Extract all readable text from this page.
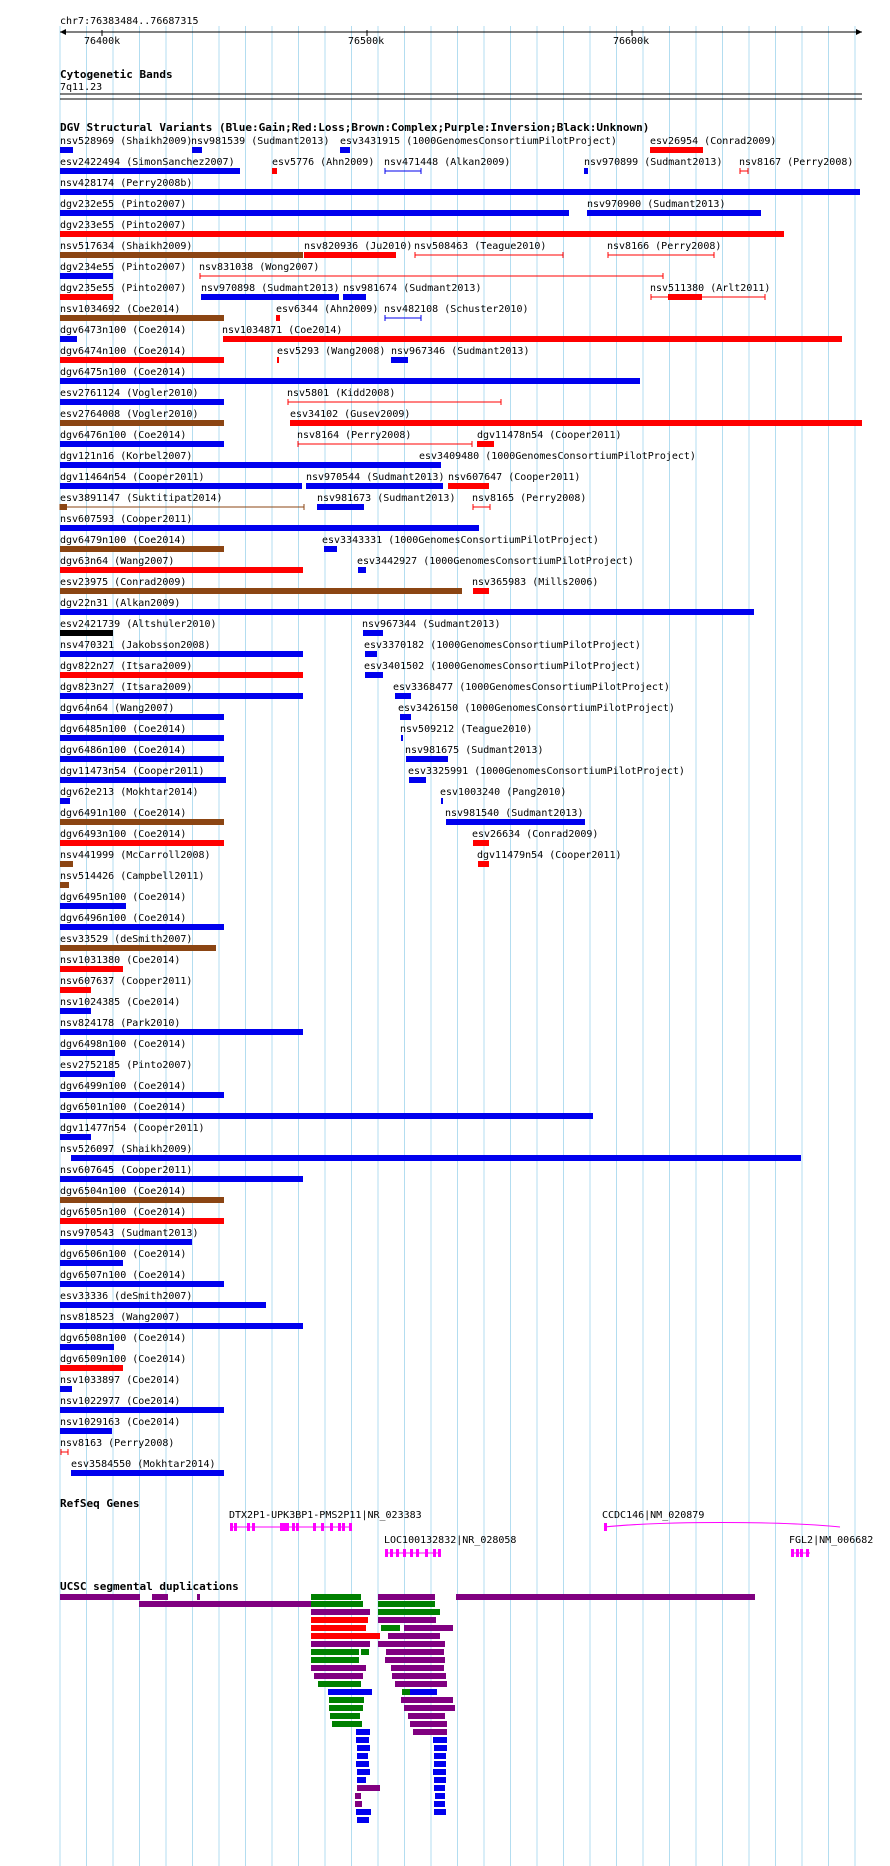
chr7:76383484..76687315
76400k	76500k	76600k
Cytogenetic Bands
7q11.23
DGV Structural Variants (Blue:Gain;Red:Loss;Brown:Complex;Purple:Inversion;Black:Unknown)
nsv528969 (Shaikh2009)
nsv981539 (Sudmant2013) esv3431915 (1000GenomesConsortiumPilotProject)	esv26954 (Conrad2009)
esv2422494 (SimonSanchez2007)	esv5776 (Ahn2009) nsv471448 (Alkan2009)	nsv970899 (Sudmant2013) nsv8167 (Perry2008)
nsv428174 (Perry2008b)
dgv232e55 (Pinto2007)	nsv970900 (Sudmant2013)
dgv233e55 (Pinto2007)
nsv517634 (Shaikh2009)	nsv820936 (Ju2010) nsv508463 (Teague2010)	nsv8166 (Perry2008)
dgv234e55 (Pinto2007) nsv831038 (Wong2007)
dgv235e55 (Pinto2007) nsv970898 (Sudmant2013) nsv981674 (Sudmant2013)	nsv511380 (Arlt2011)
nsv1034692 (Coe2014)	esv6344 (Ahn2009) nsv482108 (Schuster2010)
dgv6473n100 (Coe2014)	nsv1034871 (Coe2014)
dgv6474n100 (Coe2014)	esv5293 (Wang2008) nsv967346 (Sudmant2013)
dgv6475n100 (Coe2014)
esv2761124 (Vogler2010)	nsv5801 (Kidd2008)
esv2764008 (Vogler2010)	esv34102 (Gusev2009)
dgv6476n100 (Coe2014)	nsv8164 (Perry2008)	dgv11478n54 (Cooper2011)
dgv121n16 (Korbel2007)	esv3409480 (1000GenomesConsortiumPilotProject)
dgv11464n54 (Cooper2011)	nsv970544 (Sudmant2013) nsv607647 (Cooper2011)
esv3891147 (Suktitipat2014)	nsv981673 (Sudmant2013) nsv8165 (Perry2008)
nsv607593 (Cooper2011)
dgv6479n100 (Coe2014)	esv3343331 (1000GenomesConsortiumPilotProject)
dgv63n64 (Wang2007)	esv3442927 (1000GenomesConsortiumPilotProject)
esv23975 (Conrad2009)	nsv365983 (Mills2006)
dgv22n31 (Alkan2009)
esv2421739 (Altshuler2010)	nsv967344 (Sudmant2013)
nsv470321 (Jakobsson2008)	esv3370182 (1000GenomesConsortiumPilotProject)
dgv822n27 (Itsara2009)	esv3401502 (1000GenomesConsortiumPilotProject)
dgv823n27 (Itsara2009)	esv3368477 (1000GenomesConsortiumPilotProject)
dgv64n64 (Wang2007)	esv3426150 (1000GenomesConsortiumPilotProject)
dgv6485n100 (Coe2014)	nsv509212 (Teague2010)
dgv6486n100 (Coe2014)	nsv981675 (Sudmant2013)
dgv11473n54 (Cooper2011)	esv3325991 (1000GenomesConsortiumPilotProject)
dgv62e213 (Mokhtar2014)	esv1003240 (Pang2010)
dgv6491n100 (Coe2014)	nsv981540 (Sudmant2013)
dgv6493n100 (Coe2014)	esv26634 (Conrad2009)
nsv441999 (McCarroll2008)	dgv11479n54 (Cooper2011)
nsv514426 (Campbell2011)
dgv6495n100 (Coe2014)
dgv6496n100 (Coe2014)
esv33529 (deSmith2007)
nsv1031380 (Coe2014)
nsv607637 (Cooper2011)
nsv1024385 (Coe2014)
nsv824178 (Park2010)
dgv6498n100 (Coe2014)
esv2752185 (Pinto2007)
dgv6499n100 (Coe2014)
dgv6501n100 (Coe2014)
dgv11477n54 (Cooper2011)
nsv526097 (Shaikh2009)
nsv607645 (Cooper2011)
dgv6504n100 (Coe2014)
dgv6505n100 (Coe2014)
nsv970543 (Sudmant2013)
dgv6506n100 (Coe2014)
dgv6507n100 (Coe2014)
esv33336 (deSmith2007)
nsv818523 (Wang2007)
dgv6508n100 (Coe2014)
dgv6509n100 (Coe2014)
nsv1033897 (Coe2014)
nsv1022977 (Coe2014)
nsv1029163 (Coe2014)
nsv8163 (Perry2008)
esv3584550 (Mokhtar2014)
RefSeq Genes
DTX2P1-UPK3BP1-PMS2P11|NR_023383	CCDC146|NM_020879
LOC100132832|NR_028058	FGL2|NM_006682
UCSC segmental duplications
